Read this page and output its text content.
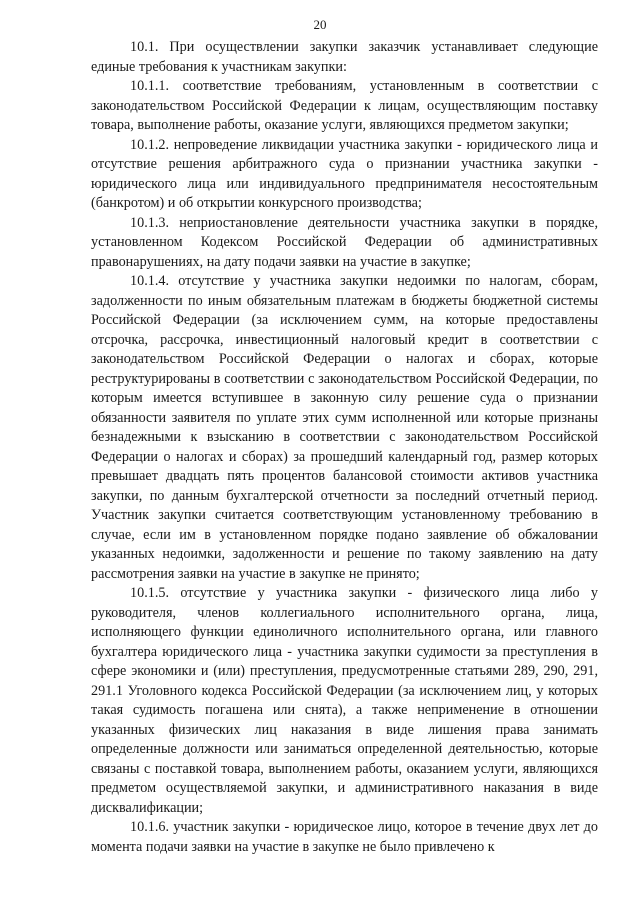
20

10.1. При осуществлении закупки заказчик устанавливает следующие единые требования к участникам закупки:

10.1.1. соответствие требованиям, установленным в соответствии с законодательством Российской Федерации к лицам, осуществляющим поставку товара, выполнение работы, оказание услуги, являющихся предметом закупки;

10.1.2. непроведение ликвидации участника закупки - юридического лица и отсутствие решения арбитражного суда о признании участника закупки - юридического лица или индивидуального предпринимателя несостоятельным (банкротом) и об открытии конкурсного производства;

10.1.3. неприостановление деятельности участника закупки в порядке, установленном Кодексом Российской Федерации об административных правонарушениях, на дату подачи заявки на участие в закупке;

10.1.4. отсутствие у участника закупки недоимки по налогам, сборам, задолженности по иным обязательным платежам в бюджеты бюджетной системы Российской Федерации (за исключением сумм, на которые предоставлены отсрочка, рассрочка, инвестиционный налоговый кредит в соответствии с законодательством Российской Федерации о налогах и сборах, которые реструктурированы в соответствии с законодательством Российской Федерации, по которым имеется вступившее в законную силу решение суда о признании обязанности заявителя по уплате этих сумм исполненной или которые признаны безнадежными к взысканию в соответствии с законодательством Российской Федерации о налогах и сборах) за прошедший календарный год, размер которых превышает двадцать пять процентов балансовой стоимости активов участника закупки, по данным бухгалтерской отчетности за последний отчетный период. Участник закупки считается соответствующим установленному требованию в случае, если им в установленном порядке подано заявление об обжаловании указанных недоимки, задолженности и решение по такому заявлению на дату рассмотрения заявки на участие в закупке не принято;

10.1.5. отсутствие у участника закупки - физического лица либо у руководителя, членов коллегиального исполнительного органа, лица, исполняющего функции единоличного исполнительного органа, или главного бухгалтера юридического лица - участника закупки судимости за преступления в сфере экономики и (или) преступления, предусмотренные статьями 289, 290, 291, 291.1 Уголовного кодекса Российской Федерации (за исключением лиц, у которых такая судимость погашена или снята), а также неприменение в отношении указанных физических лиц наказания в виде лишения права занимать определенные должности или заниматься определенной деятельностью, которые связаны с поставкой товара, выполнением работы, оказанием услуги, являющихся предметом осуществляемой закупки, и административного наказания в виде дисквалификации;

10.1.6. участник закупки - юридическое лицо, которое в течение двух лет до момента подачи заявки на участие в закупке не было привлечено к
